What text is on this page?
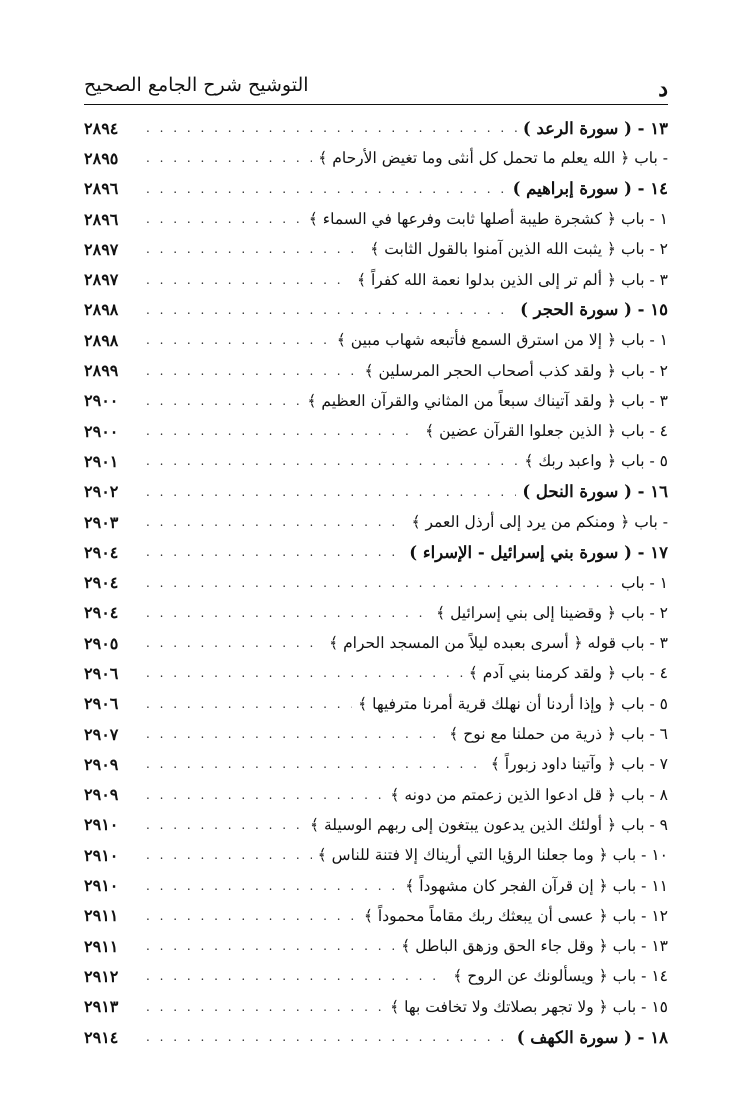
د
التوشيح شرح الجامع الصحيح
١٣ - ( سورة الرعد )
. . .
٢٨٩٤
- باب ﴿ الله يعلم ما تحمل كل أنثى وما تغيض الأرحام ﴾
. . .
٢٨٩٥
١٤ - ( سورة إبراهيم )
. . .
٢٨٩٦
١ - باب ﴿ كشجرة طيبة أصلها ثابت وفرعها في السماء ﴾
. . .
٢٨٩٦
٢ - باب ﴿ يثبت الله الذين آمنوا بالقول الثابت ﴾
. . .
٢٨٩٧
٣ - باب ﴿ ألم تر إلى الذين بدلوا نعمة الله كفراً ﴾
. . .
٢٨٩٧
١٥ - ( سورة الحجر )
. . .
٢٨٩٨
١ - باب ﴿ إلا من استرق السمع فأتبعه شهاب مبين ﴾
. . .
٢٨٩٨
٢ - باب ﴿ ولقد كذب أصحاب الحجر المرسلين ﴾
. . .
٢٨٩٩
٣ - باب ﴿ ولقد آتيناك سبعاً من المثاني والقرآن العظيم ﴾
. . .
٢٩٠٠
٤ - باب ﴿ الذين جعلوا القرآن عضين ﴾
. . .
٢٩٠٠
٥ - باب ﴿ واعبد ربك ﴾
. . .
٢٩٠١
١٦ - ( سورة النحل )
. . .
٢٩٠٢
- باب ﴿ ومنكم من يرد إلى أرذل العمر ﴾
. . .
٢٩٠٣
١٧ - ( سورة بني إسرائيل - الإسراء )
. . .
٢٩٠٤
١ - باب
. . .
٢٩٠٤
٢ - باب ﴿ وقضينا إلى بني إسرائيل ﴾
. . .
٢٩٠٤
٣ - باب قوله ﴿ أسرى بعبده ليلاً من المسجد الحرام ﴾
. . .
٢٩٠٥
٤ - باب ﴿ ولقد كرمنا بني آدم ﴾
. . .
٢٩٠٦
٥ - باب ﴿ وإذا أردنا أن نهلك قرية أمرنا مترفيها ﴾
. . .
٢٩٠٦
٦ - باب ﴿ ذرية من حملنا مع نوح ﴾
. . .
٢٩٠٧
٧ - باب ﴿ وآتينا داود زبوراً ﴾
. . .
٢٩٠٩
٨ - باب ﴿ قل ادعوا الذين زعمتم من دونه ﴾
. . .
٢٩٠٩
٩ - باب ﴿ أولئك الذين يدعون يبتغون إلى ربهم الوسيلة ﴾
. . .
٢٩١٠
١٠ - باب ﴿ وما جعلنا الرؤيا التي أريناك إلا فتنة للناس ﴾
. . .
٢٩١٠
١١ - باب ﴿ إن قرآن الفجر كان مشهوداً ﴾
. . .
٢٩١٠
١٢ - باب ﴿ عسى أن يبعثك ربك مقاماً محموداً ﴾
. . .
٢٩١١
١٣ - باب ﴿ وقل جاء الحق وزهق الباطل ﴾
. . .
٢٩١١
١٤ - باب ﴿ ويسألونك عن الروح ﴾
. . .
٢٩١٢
١٥ - باب ﴿ ولا تجهر بصلاتك ولا تخافت بها ﴾
. . .
٢٩١٣
١٨ - ( سورة الكهف )
. . .
٢٩١٤
